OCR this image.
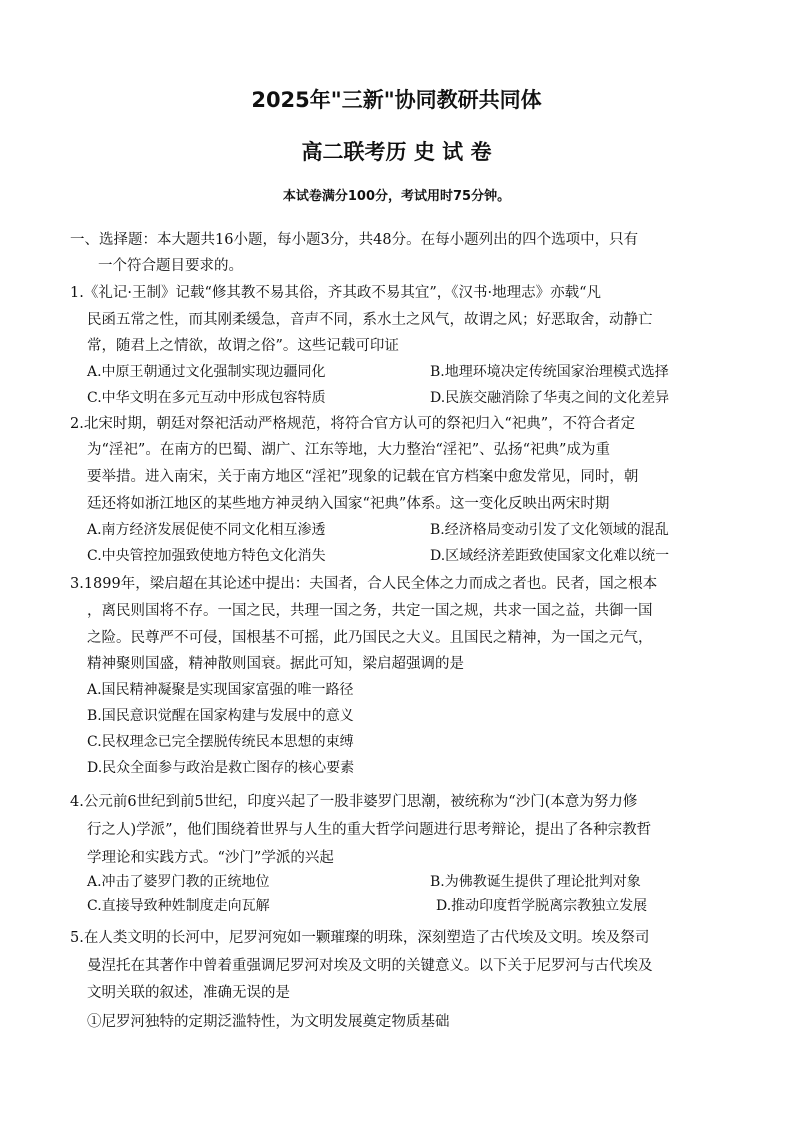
2025年"三新"协同教研共同体
高二联考历 史 试 卷
本试卷满分100分，考试用时75分钟。
一、选择题：本大题共16小题，每小题3分，共48分。在每小题列出的四个选项中，只有
一个符合题目要求的。
1.《礼记·王制》记载“修其教不易其俗，齐其政不易其宜”，《汉书·地理志》亦载“凡
民函五常之性，而其刚柔缓急，音声不同，系水土之风气，故谓之风；好恶取舍，动静亡
常，随君上之情欲，故谓之俗”。这些记载可印证
A.中原王朝通过文化强制实现边疆同化	B.地理环境决定传统国家治理模式选择
C.中华文明在多元互动中形成包容特质	D.民族交融消除了华夷之间的文化差异
2.北宋时期，朝廷对祭祀活动严格规范，将符合官方认可的祭祀归入“祀典”，不符合者定
为“淫祀”。在南方的巴蜀、湖广、江东等地，大力整治“淫祀”、弘扬“祀典”成为重
要举措。进入南宋，关于南方地区“淫祀”现象的记载在官方档案中愈发常见，同时，朝
廷还将如浙江地区的某些地方神灵纳入国家“祀典”体系。这一变化反映出两宋时期
A.南方经济发展促使不同文化相互渗透	B.经济格局变动引发了文化领域的混乱
C.中央管控加强致使地方特色文化消失	D.区域经济差距致使国家文化难以统一
3.1899年，梁启超在其论述中提出：夫国者，合人民全体之力而成之者也。民者，国之根本
，离民则国将不存。一国之民，共理一国之务，共定一国之规，共求一国之益，共御一国
之险。民尊严不可侵，国根基不可摇，此乃国民之大义。且国民之精神，为一国之元气，
精神聚则国盛，精神散则国衰。据此可知，梁启超强调的是
A.国民精神凝聚是实现国家富强的唯一路径
B.国民意识觉醒在国家构建与发展中的意义
C.民权理念已完全摆脱传统民本思想的束缚
D.民众全面参与政治是救亡图存的核心要素
4.公元前6世纪到前5世纪，印度兴起了一股非婆罗门思潮，被统称为“沙门(本意为努力修
行之人)学派”，他们围绕着世界与人生的重大哲学问题进行思考辩论，提出了各种宗教哲
学理论和实践方式。“沙门”学派的兴起
A.冲击了婆罗门教的正统地位	B.为佛教诞生提供了理论批判对象
C.直接导致种姓制度走向瓦解	D.推动印度哲学脱离宗教独立发展
5.在人类文明的长河中，尼罗河宛如一颗璀璨的明珠，深刻塑造了古代埃及文明。埃及祭司
曼涅托在其著作中曾着重强调尼罗河对埃及文明的关键意义。以下关于尼罗河与古代埃及
文明关联的叙述，准确无误的是
①尼罗河独特的定期泛滥特性，为文明发展奠定物质基础
